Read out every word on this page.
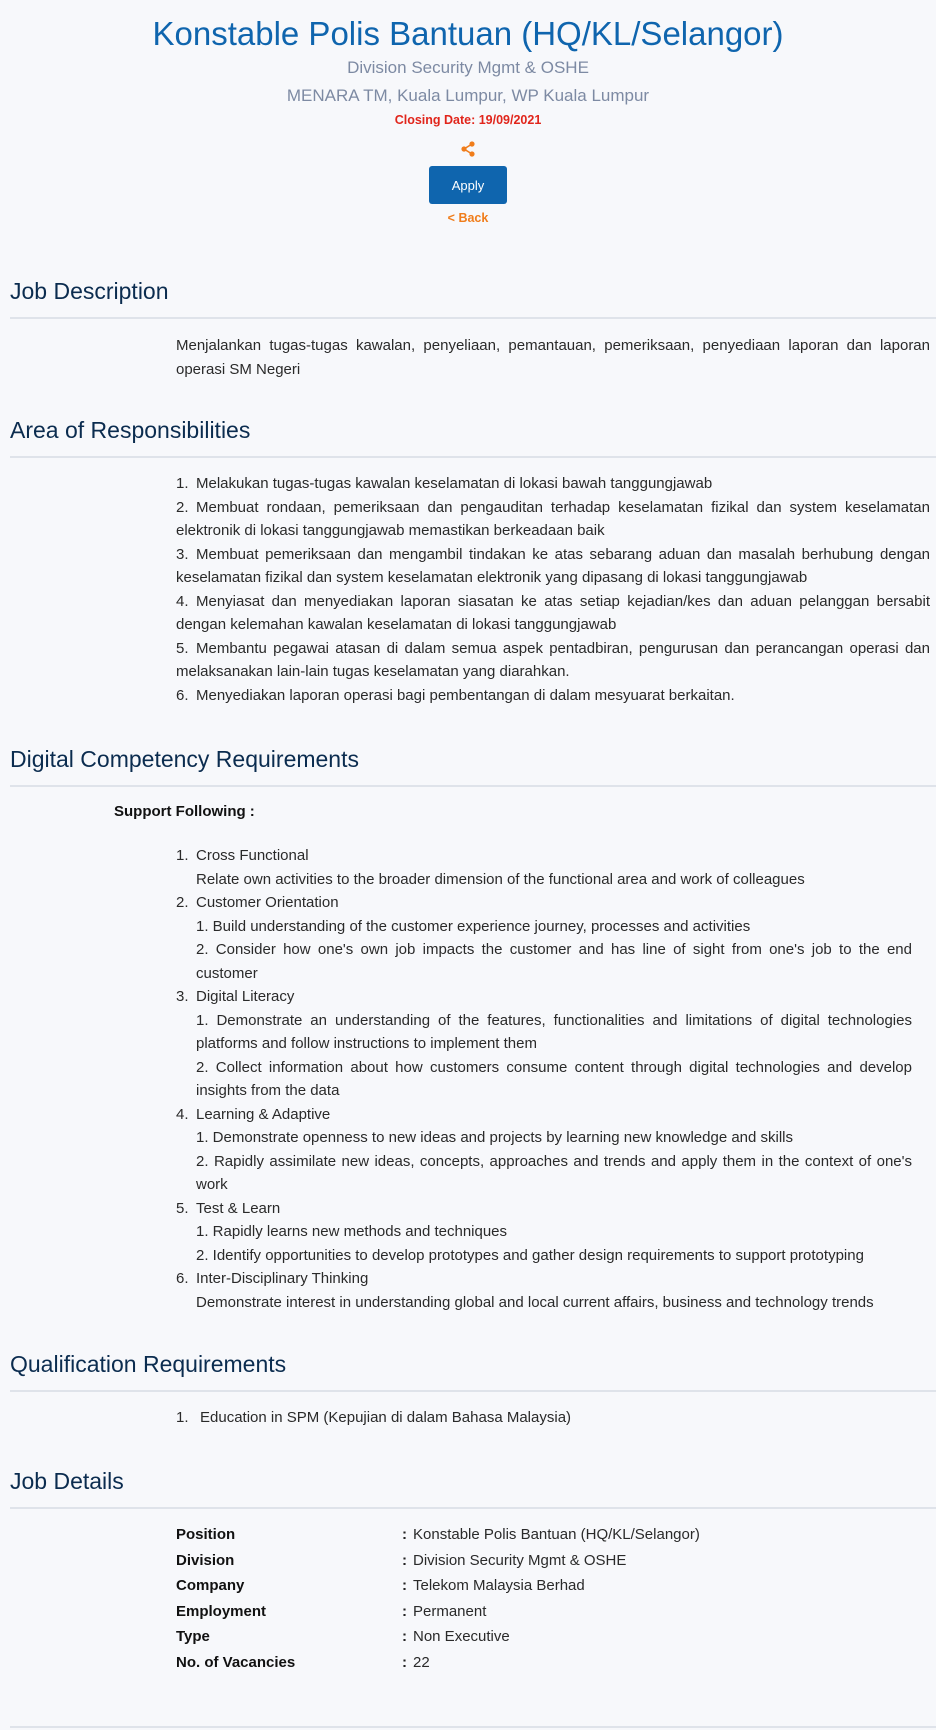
Konstable Polis Bantuan (HQ/KL/Selangor)
Division Security Mgmt & OSHE
MENARA TM, Kuala Lumpur, WP Kuala Lumpur
Closing Date: 19/09/2021
Apply
< Back
Job Description
Menjalankan tugas-tugas kawalan, penyeliaan, pemantauan, pemeriksaan, penyediaan laporan dan laporan operasi SM Negeri
Area of Responsibilities
1. Melakukan tugas-tugas kawalan keselamatan di lokasi bawah tanggungjawab
2. Membuat rondaan, pemeriksaan dan pengauditan terhadap keselamatan fizikal dan system keselamatan elektronik di lokasi tanggungjawab memastikan berkeadaan baik
3. Membuat pemeriksaan dan mengambil tindakan ke atas sebarang aduan dan masalah berhubung dengan keselamatan fizikal dan system keselamatan elektronik yang dipasang di lokasi tanggungjawab
4. Menyiasat dan menyediakan laporan siasatan ke atas setiap kejadian/kes dan aduan pelanggan bersabit dengan kelemahan kawalan keselamatan di lokasi tanggungjawab
5. Membantu pegawai atasan di dalam semua aspek pentadbiran, pengurusan dan perancangan operasi dan melaksanakan lain-lain tugas keselamatan yang diarahkan.
6. Menyediakan laporan operasi bagi pembentangan di dalam mesyuarat berkaitan.
Digital Competency Requirements
Support Following :
1. Cross Functional
Relate own activities to the broader dimension of the functional area and work of colleagues
2. Customer Orientation
1. Build understanding of the customer experience journey, processes and activities
2. Consider how one's own job impacts the customer and has line of sight from one's job to the end customer
3. Digital Literacy
1. Demonstrate an understanding of the features, functionalities and limitations of digital technologies platforms and follow instructions to implement them
2. Collect information about how customers consume content through digital technologies and develop insights from the data
4. Learning & Adaptive
1. Demonstrate openness to new ideas and projects by learning new knowledge and skills
2. Rapidly assimilate new ideas, concepts, approaches and trends and apply them in the context of one's work
5. Test & Learn
1. Rapidly learns new methods and techniques
2. Identify opportunities to develop prototypes and gather design requirements to support prototyping
6. Inter-Disciplinary Thinking
Demonstrate interest in understanding global and local current affairs, business and technology trends
Qualification Requirements
1. Education in SPM (Kepujian di dalam Bahasa Malaysia)
Job Details
Position	:	Konstable Polis Bantuan (HQ/KL/Selangor)
Division	:	Division Security Mgmt & OSHE
Company	:	Telekom Malaysia Berhad
Employment	:	Permanent
Type	:	Non Executive
No. of Vacancies	:	22
